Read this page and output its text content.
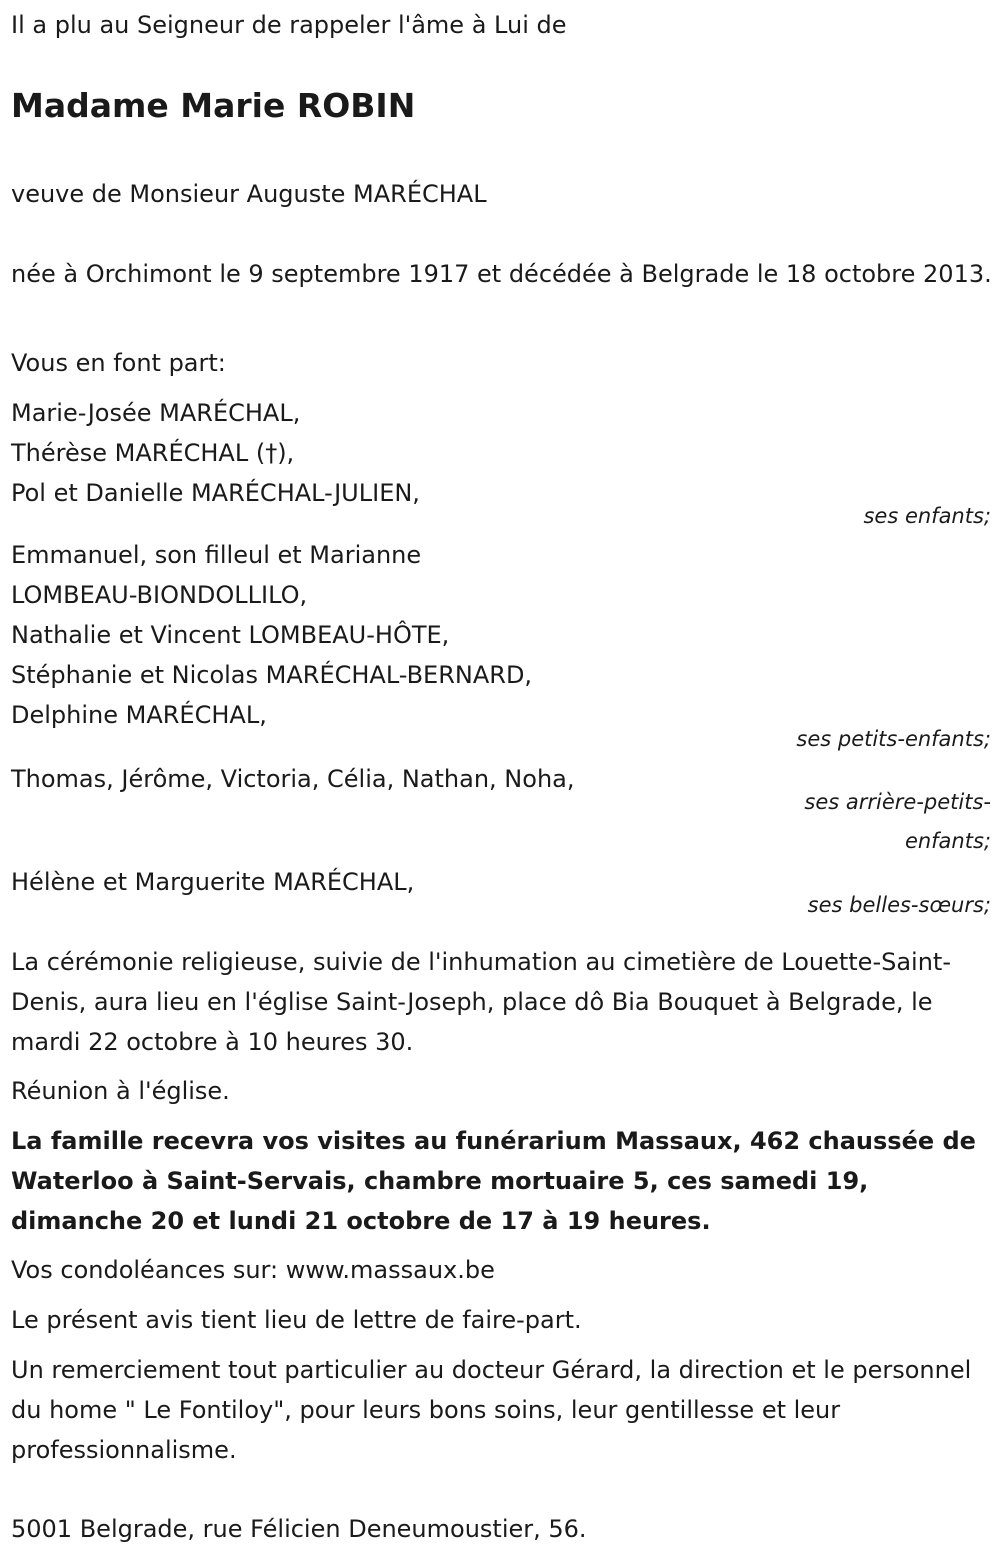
Il a plu au Seigneur de rappeler l'âme à Lui de

Madame Marie ROBIN

veuve de Monsieur Auguste MARÉCHAL

née à Orchimont le 9 septembre 1917 et décédée à Belgrade le 18 octobre 2013.

Vous en font part:

Marie-Josée MARÉCHAL,

Thérèse MARÉCHAL (†),

Pol et Danielle MARÉCHAL-JULIEN,

ses enfants;

Emmanuel, son filleul et Marianne

LOMBEAU-BIONDOLLILO,

Nathalie et Vincent LOMBEAU-HÔTE,

Stéphanie et Nicolas MARÉCHAL-BERNARD,

Delphine MARÉCHAL,

ses petits-enfants;

Thomas, Jérôme, Victoria, Célia, Nathan, Noha,

ses arrière-petits-

enfants;

Hélène et Marguerite MARÉCHAL,

ses belles-sœurs;

La cérémonie religieuse, suivie de l'inhumation au cimetière de Louette-Saint-Denis, aura lieu en l'église Saint-Joseph, place dô Bia Bouquet à Belgrade, le mardi 22 octobre à 10 heures 30.

Réunion à l'église.

La famille recevra vos visites au funérarium Massaux, 462 chaussée de Waterloo à Saint-Servais, chambre mortuaire 5, ces samedi 19, dimanche 20 et lundi 21 octobre de 17 à 19 heures.

Vos condoléances sur: www.massaux.be

Le présent avis tient lieu de lettre de faire-part.

Un remerciement tout particulier au docteur Gérard, la direction et le personnel du home " Le Fontiloy", pour leurs bons soins, leur gentillesse et leur professionnalisme.

5001 Belgrade, rue Félicien Deneumoustier, 56.
